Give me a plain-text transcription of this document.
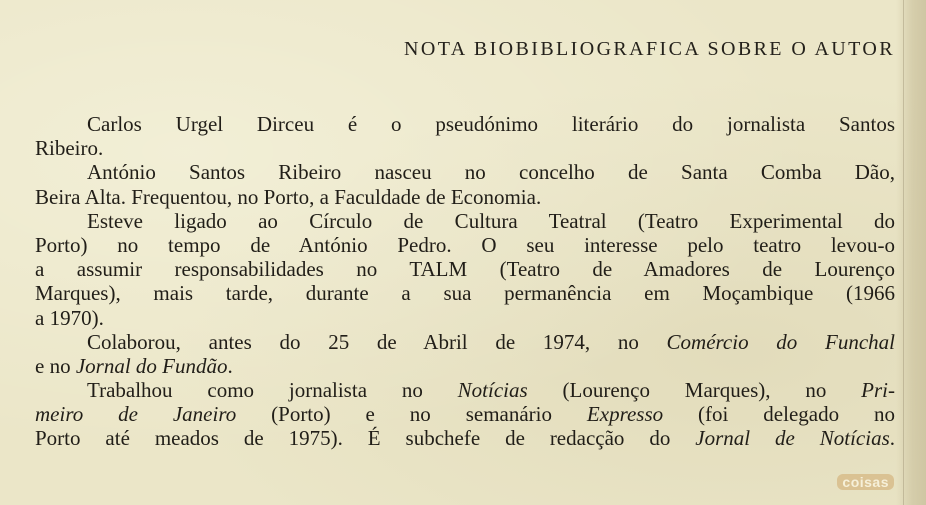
NOTA BIOBIBLIOGRAFICA SOBRE O AUTOR
Carlos Urgel Dirceu é o pseudónimo literário do jornalista Santos
Ribeiro.
António Santos Ribeiro nasceu no concelho de Santa Comba Dão,
Beira Alta. Frequentou, no Porto, a Faculdade de Economia.
Esteve ligado ao Círculo de Cultura Teatral (Teatro Experimental do
Porto) no tempo de António Pedro. O seu interesse pelo teatro levou-o
a assumir responsabilidades no TALM (Teatro de Amadores de Lourenço
Marques), mais tarde, durante a sua permanência em Moçambique (1966
a 1970).
Colaborou, antes do 25 de Abril de 1974, no Comércio do Funchal
e no Jornal do Fundão.
Trabalhou como jornalista no Notícias (Lourenço Marques), no Pri-
meiro de Janeiro (Porto) e no semanário Expresso (foi delegado no
Porto até meados de 1975). É subchefe de redacção do Jornal de Notícias.
coisas
